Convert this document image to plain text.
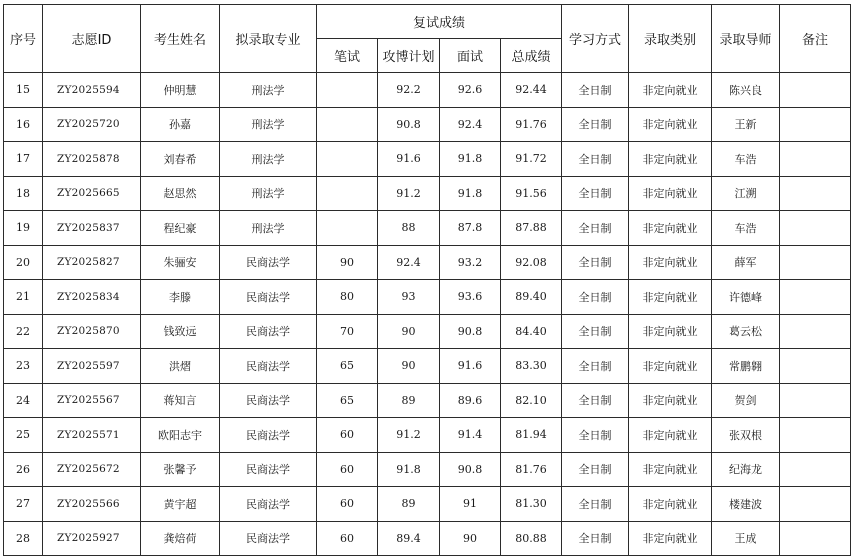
序号	志愿ID	考生姓名	拟录取专业	复试成绩				学习方式	录取类别	录取导师	备注
				笔试	攻博计划	面试	总成绩				
15	ZY2025594	仲明慧	刑法学		92.2	92.6	92.44	全日制	非定向就业	陈兴良	
16	ZY2025720	孙嘉	刑法学		90.8	92.4	91.76	全日制	非定向就业	王新	
17	ZY2025878	刘春希	刑法学		91.6	91.8	91.72	全日制	非定向就业	车浩	
18	ZY2025665	赵思然	刑法学		91.2	91.8	91.56	全日制	非定向就业	江溯	
19	ZY2025837	程纪豪	刑法学		88	87.8	87.88	全日制	非定向就业	车浩	
20	ZY2025827	朱骊安	民商法学	90	92.4	93.2	92.08	全日制	非定向就业	薛军	
21	ZY2025834	李滕	民商法学	80	93	93.6	89.40	全日制	非定向就业	许德峰	
22	ZY2025870	钱致远	民商法学	70	90	90.8	84.40	全日制	非定向就业	葛云松	
23	ZY2025597	洪熠	民商法学	65	90	91.6	83.30	全日制	非定向就业	常鹏翱	
24	ZY2025567	蒋知言	民商法学	65	89	89.6	82.10	全日制	非定向就业	贺剑	
25	ZY2025571	欧阳志宇	民商法学	60	91.2	91.4	81.94	全日制	非定向就业	张双根	
26	ZY2025672	张馨予	民商法学	60	91.8	90.8	81.76	全日制	非定向就业	纪海龙	
27	ZY2025566	黄宇超	民商法学	60	89	91	81.30	全日制	非定向就业	楼建波	
28	ZY2025927	龚焙荷	民商法学	60	89.4	90	80.88	全日制	非定向就业	王成	
